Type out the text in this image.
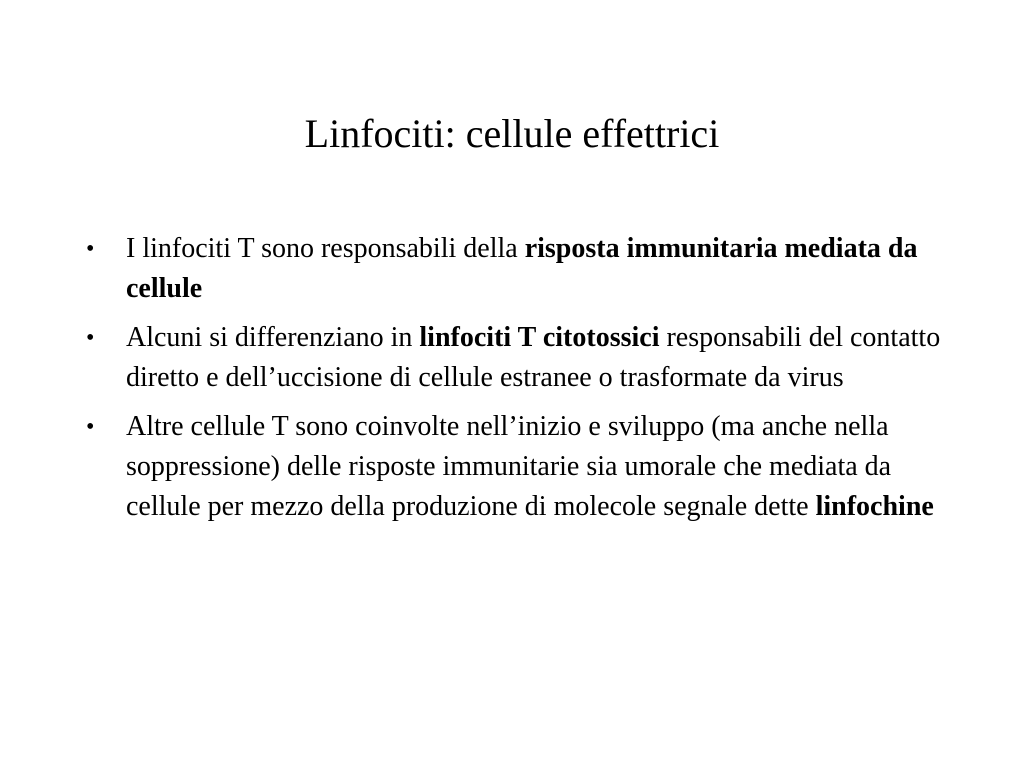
Linfociti: cellule effettrici
• I linfociti T sono responsabili della risposta immunitaria mediata da cellule
• Alcuni si differenziano in linfociti T citotossici responsabili del contatto diretto e dell’uccisione di cellule estranee o trasformate da virus
• Altre cellule T sono coinvolte nell’inizio e sviluppo (ma anche nella soppressione) delle risposte immunitarie sia umorale che mediata da cellule per mezzo della produzione di molecole segnale dette linfochine
